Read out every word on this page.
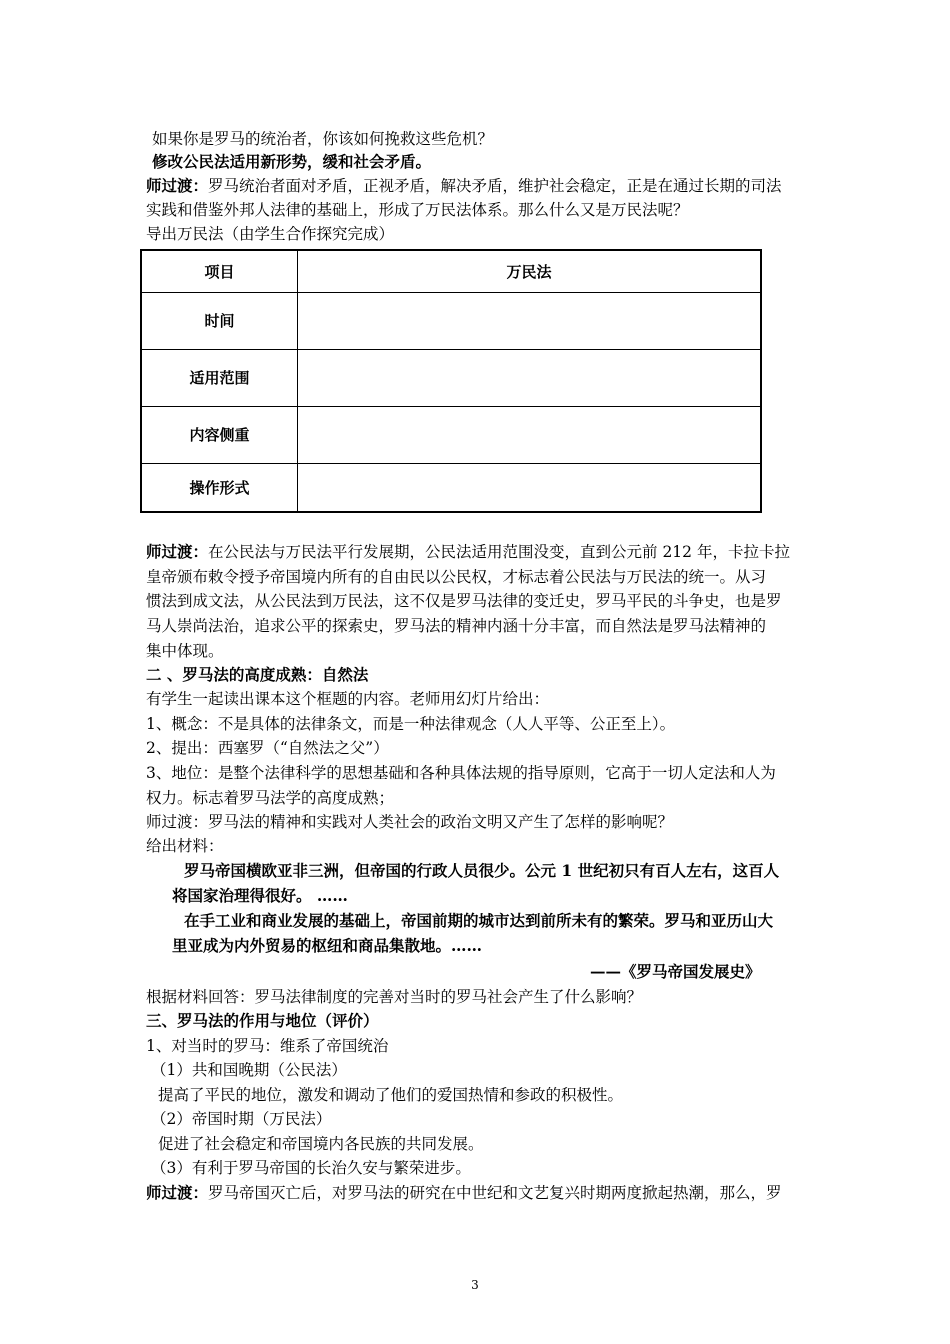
如果你是罗马的统治者，你该如何挽救这些危机？
修改公民法适用新形势，缓和社会矛盾。
师过渡：罗马统治者面对矛盾，正视矛盾，解决矛盾，维护社会稳定，正是在通过长期的司法
实践和借鉴外邦人法律的基础上，形成了万民法体系。那么什么又是万民法呢？
导出万民法（由学生合作探究完成）
项目	万民法
时间	
适用范围	
内容侧重	
操作形式	
师过渡：在公民法与万民法平行发展期，公民法适用范围没变，直到公元前 212 年，卡拉卡拉
皇帝颁布敕令授予帝国境内所有的自由民以公民权，才标志着公民法与万民法的统一。从习
惯法到成文法，从公民法到万民法，这不仅是罗马法律的变迁史，罗马平民的斗争史，也是罗
马人崇尚法治，追求公平的探索史，罗马法的精神内涵十分丰富，而自然法是罗马法精神的
集中体现。
二 、罗马法的高度成熟：自然法
有学生一起读出课本这个框题的内容。老师用幻灯片给出：
1、概念：不是具体的法律条文，而是一种法律观念（人人平等、公正至上）。
2、提出：西塞罗（“自然法之父”）
3、地位：是整个法律科学的思想基础和各种具体法规的指导原则，它高于一切人定法和人为
权力。标志着罗马法学的高度成熟；
师过渡：罗马法的精神和实践对人类社会的政治文明又产生了怎样的影响呢？
给出材料：
罗马帝国横欧亚非三洲，但帝国的行政人员很少。公元 1 世纪初只有百人左右，这百人
将国家治理得很好。 ……
在手工业和商业发展的基础上，帝国前期的城市达到前所未有的繁荣。罗马和亚历山大
里亚成为内外贸易的枢纽和商品集散地。……
——《罗马帝国发展史》
根据材料回答：罗马法律制度的完善对当时的罗马社会产生了什么影响？
三、罗马法的作用与地位（评价）
1、对当时的罗马：维系了帝国统治
（1）共和国晚期（公民法）
提高了平民的地位，激发和调动了他们的爱国热情和参政的积极性。
（2）帝国时期（万民法）
促进了社会稳定和帝国境内各民族的共同发展。
（3）有利于罗马帝国的长治久安与繁荣进步。
师过渡：罗马帝国灭亡后，对罗马法的研究在中世纪和文艺复兴时期两度掀起热潮，那么，罗
3
